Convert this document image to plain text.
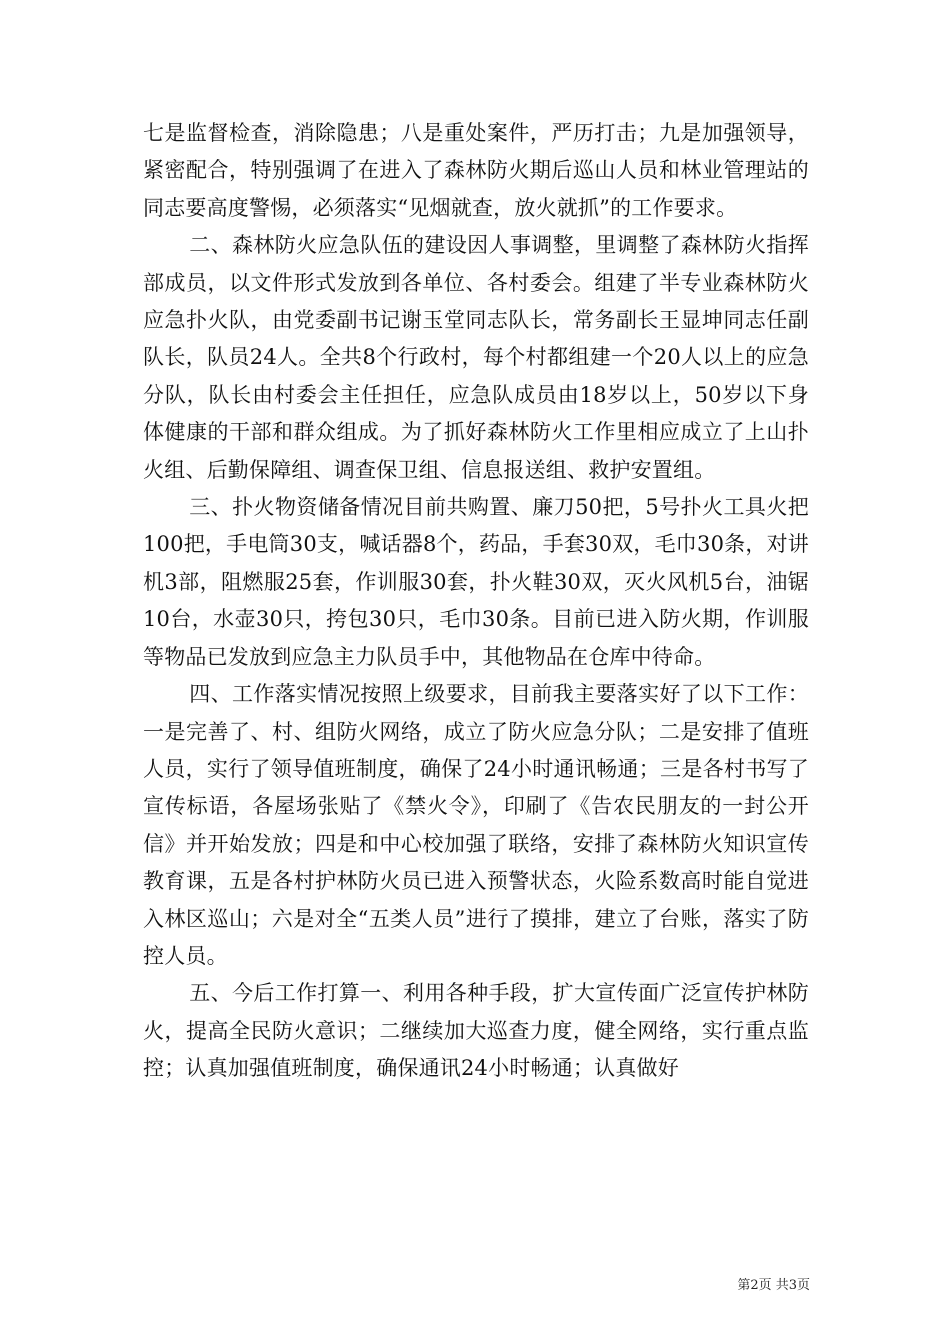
七是监督检查，消除隐患；八是重处案件，严历打击；九是加强领导，紧密配合，特别强调了在进入了森林防火期后巡山人员和林业管理站的同志要高度警惕，必须落实“见烟就查，放火就抓”的工作要求。

二、森林防火应急队伍的建设因人事调整，里调整了森林防火指挥部成员，以文件形式发放到各单位、各村委会。组建了半专业森林防火应急扑火队，由党委副书记谢玉堂同志队长，常务副长王显坤同志任副队长，队员24人。全共8个行政村，每个村都组建一个20人以上的应急分队，队长由村委会主任担任，应急队成员由18岁以上，50岁以下身体健康的干部和群众组成。为了抓好森林防火工作里相应成立了上山扑火组、后勤保障组、调查保卫组、信息报送组、救护安置组。

三、扑火物资储备情况目前共购置、廉刀50把，5号扑火工具火把100把，手电筒30支，喊话器8个，药品，手套30双，毛巾30条，对讲机3部，阻燃服25套，作训服30套，扑火鞋30双，灭火风机5台，油锯10台，水壶30只，挎包30只，毛巾30条。目前已进入防火期，作训服等物品已发放到应急主力队员手中，其他物品在仓库中待命。

四、工作落实情况按照上级要求，目前我主要落实好了以下工作：一是完善了、村、组防火网络，成立了防火应急分队；二是安排了值班人员，实行了领导值班制度，确保了24小时通讯畅通；三是各村书写了宣传标语，各屋场张贴了《禁火令》，印刷了《告农民朋友的一封公开信》并开始发放；四是和中心校加强了联络，安排了森林防火知识宣传教育课，五是各村护林防火员已进入预警状态，火险系数高时能自觉进入林区巡山；六是对全“五类人员”进行了摸排，建立了台账，落实了防控人员。

五、今后工作打算一、利用各种手段，扩大宣传面广泛宣传护林防火，提高全民防火意识；二继续加大巡查力度，健全网络，实行重点监控；认真加强值班制度，确保通讯24小时畅通；认真做好

第2页 共3页
